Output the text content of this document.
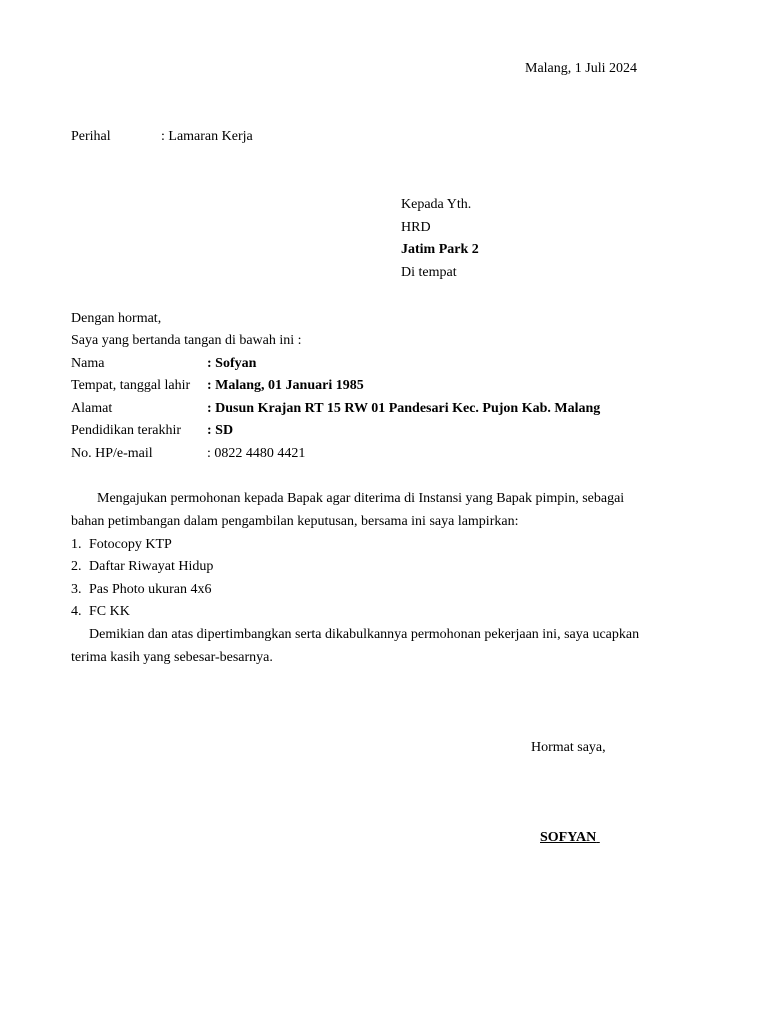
Malang, 1 Juli 2024
Perihal	: Lamaran Kerja
Kepada Yth.
HRD
Jatim Park 2
Di tempat
Dengan hormat,
Saya yang bertanda tangan di bawah ini :
Nama	: Sofyan
Tempat, tanggal lahir : Malang, 01 Januari 1985
Alamat	: Dusun Krajan RT 15 RW 01 Pandesari Kec. Pujon Kab. Malang
Pendidikan terakhir : SD
No. HP/e-mail	: 0822 4480 4421
Mengajukan permohonan kepada Bapak agar diterima di Instansi yang Bapak pimpin, sebagai
bahan petimbangan dalam pengambilan keputusan, bersama ini saya lampirkan:
1. Fotocopy KTP
2. Daftar Riwayat Hidup
3. Pas Photo ukuran 4x6
4. FC KK
Demikian dan atas dipertimbangkan serta dikabulkannya permohonan pekerjaan ini, saya ucapkan
terima kasih yang sebesar-besarnya.
Hormat saya,
SOFYAN
